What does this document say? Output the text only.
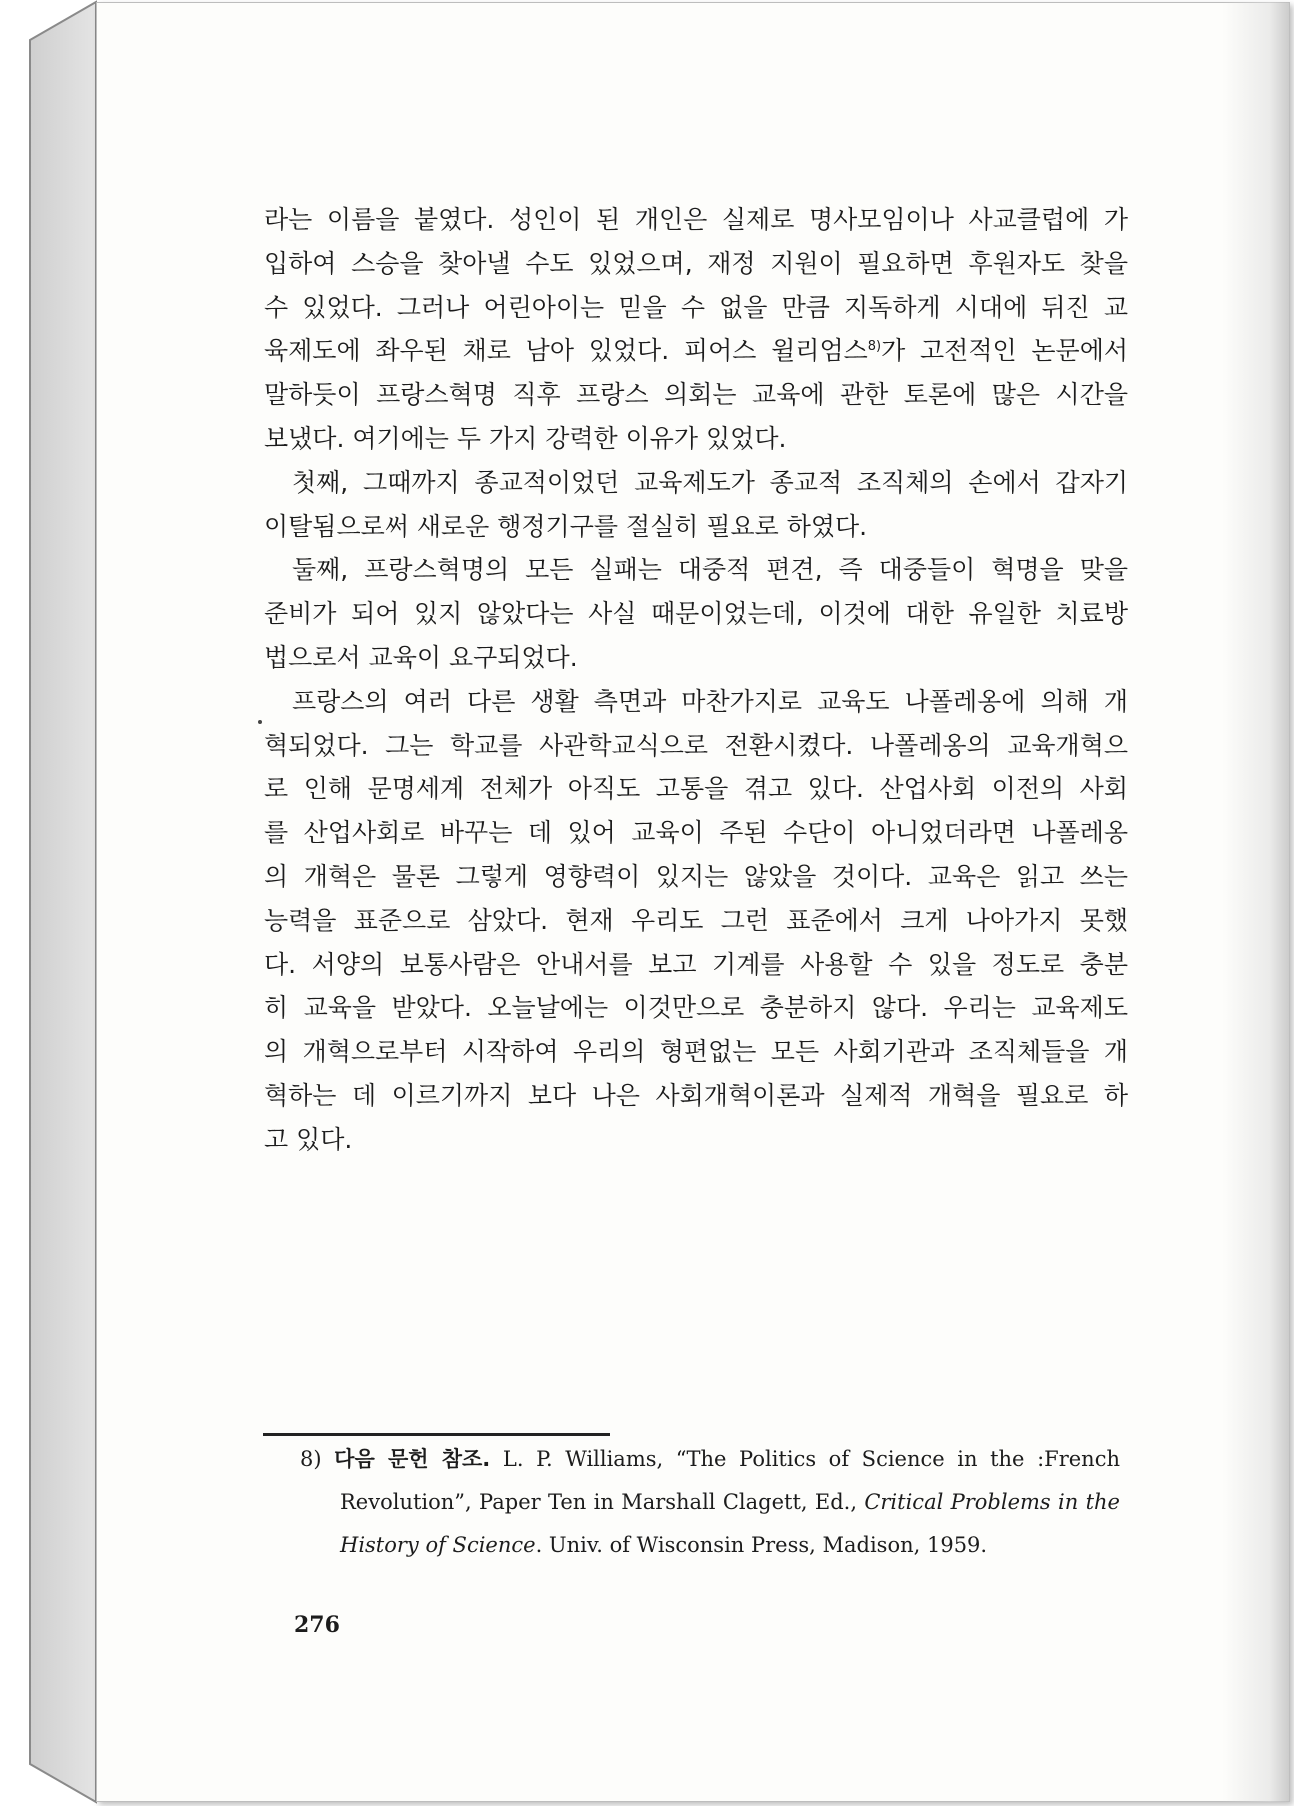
라는 이름을 붙였다. 성인이 된 개인은 실제로 명사모임이나 사교클럽에 가
입하여 스승을 찾아낼 수도 있었으며, 재정 지원이 필요하면 후원자도 찾을
수 있었다. 그러나 어린아이는 믿을 수 없을 만큼 지독하게 시대에 뒤진 교
육제도에 좌우된 채로 남아 있었다. 피어스 윌리엄스$^{8)}$가 고전적인 논문에서
말하듯이 프랑스혁명 직후 프랑스 의회는 교육에 관한 토론에 많은 시간을

보냈다. 여기에는 두 가지 강력한 이유가 있었다.

첫째, 그때까지 종교적이었던 교육제도가 종교적 조직체의 손에서 갑자기

이탈됨으로써 새로운 행정기구를 절실히 필요로 하였다.

둘째, 프랑스혁명의 모든 실패는 대중적 편견, 즉 대중들이 혁명을 맞을

준비가 되어 있지 않았다는 사실 때문이었는데, 이것에 대한 유일한 치료방

법으로서 교육이 요구되었다.

프랑스의 여러 다른 생활 측면과 마찬가지로 교육도 나폴레옹에 의해 개

혁되었다. 그는 학교를 사관학교식으로 전환시켰다. 나폴레옹의 교육개혁으
로 인해 문명세계 전체가 아직도 고통을 겪고 있다. 산업사회 이전의 사회
를 산업사회로 바꾸는 데 있어 교육이 주된 수단이 아니었더라면 나폴레옹
의 개혁은 물론 그렇게 영향력이 있지는 않았을 것이다. 교육은 읽고 쓰는
능력을 표준으로 삼았다. 현재 우리도 그런 표준에서 크게 나아가지 못했
다. 서양의 보통사람은 안내서를 보고 기계를 사용할 수 있을 정도로 충분
히 교육을 받았다. 오늘날에는 이것만으로 충분하지 않다. 우리는 교육제도
의 개혁으로부터 시작하여 우리의 형편없는 모든 사회기관과 조직체들을 개
혁하는 데 이르기까지 보다 나은 사회개혁이론과 실제적 개혁을 필요로 하

고 있다.

8) 다음 문헌 참조. L. P. Williams, “The Politics of Science in the :French

Revolution”, Paper Ten in Marshall Clagett, Ed., Critical Problems in the

History of Science. Univ. of Wisconsin Press, Madison, 1959.

276
